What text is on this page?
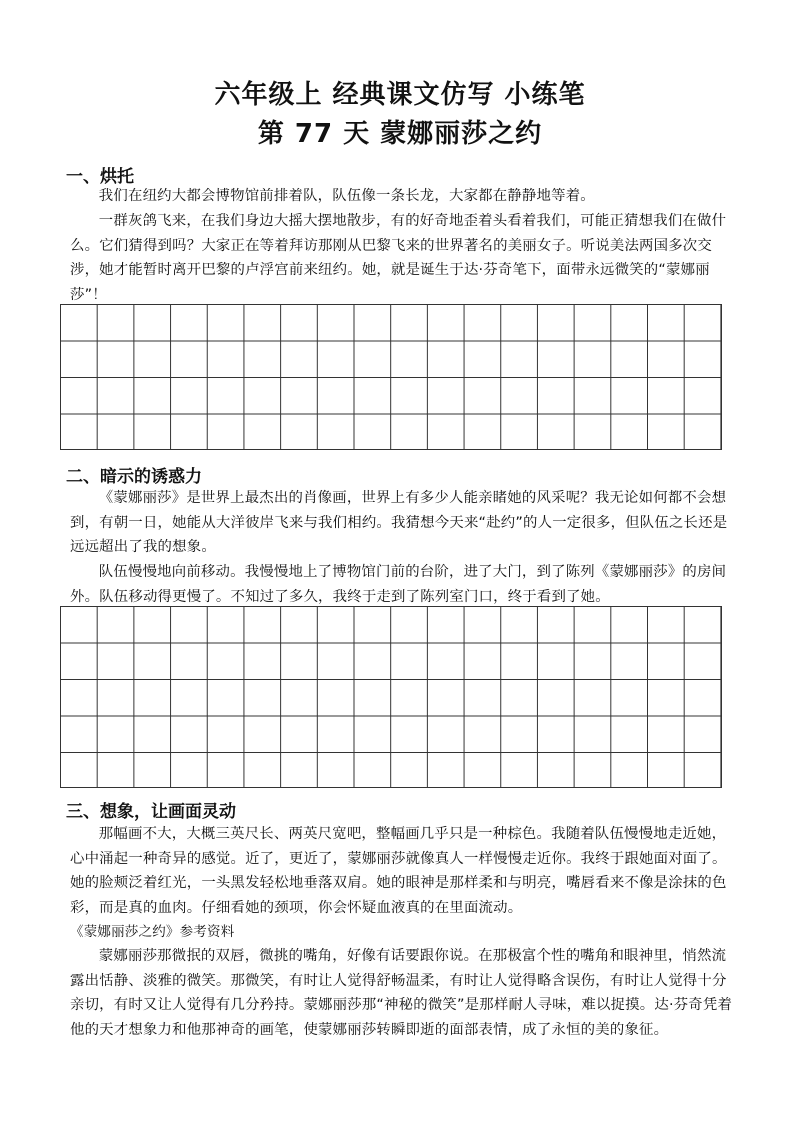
六年级上 经典课文仿写 小练笔
第 77 天 蒙娜丽莎之约
一、烘托

我们在纽约大都会博物馆前排着队，队伍像一条长龙，大家都在静静地等着。

一群灰鸽飞来，在我们身边大摇大摆地散步，有的好奇地歪着头看着我们，可能正猜想我们在做什么。它们猜得到吗？大家正在等着拜访那刚从巴黎飞来的世界著名的美丽女子。听说美法两国多次交涉，她才能暂时离开巴黎的卢浮宫前来纽约。她，就是诞生于达·芬奇笔下，面带永远微笑的“蒙娜丽莎”！

二、暗示的诱惑力

《蒙娜丽莎》是世界上最杰出的肖像画，世界上有多少人能亲睹她的风采呢？我无论如何都不会想到，有朝一日，她能从大洋彼岸飞来与我们相约。我猜想今天来“赴约”的人一定很多，但队伍之长还是远远超出了我的想象。

队伍慢慢地向前移动。我慢慢地上了博物馆门前的台阶，进了大门，到了陈列《蒙娜丽莎》的房间外。队伍移动得更慢了。不知过了多久，我终于走到了陈列室门口，终于看到了她。

三、想象，让画面灵动

那幅画不大，大概三英尺长、两英尺宽吧，整幅画几乎只是一种棕色。我随着队伍慢慢地走近她，心中涌起一种奇异的感觉。近了，更近了，蒙娜丽莎就像真人一样慢慢走近你。我终于跟她面对面了。她的脸颊泛着红光，一头黑发轻松地垂落双肩。她的眼神是那样柔和与明亮，嘴唇看来不像是涂抹的色彩，而是真的血肉。仔细看她的颈项，你会怀疑血液真的在里面流动。

《蒙娜丽莎之约》参考资料

蒙娜丽莎那微抿的双唇，微挑的嘴角，好像有话要跟你说。在那极富个性的嘴角和眼神里，悄然流露出恬静、淡雅的微笑。那微笑，有时让人觉得舒畅温柔，有时让人觉得略含误伤，有时让人觉得十分亲切，有时又让人觉得有几分矜持。蒙娜丽莎那“神秘的微笑”是那样耐人寻味，难以捉摸。达·芬奇凭着他的天才想象力和他那神奇的画笔，使蒙娜丽莎转瞬即逝的面部表情，成了永恒的美的象征。
